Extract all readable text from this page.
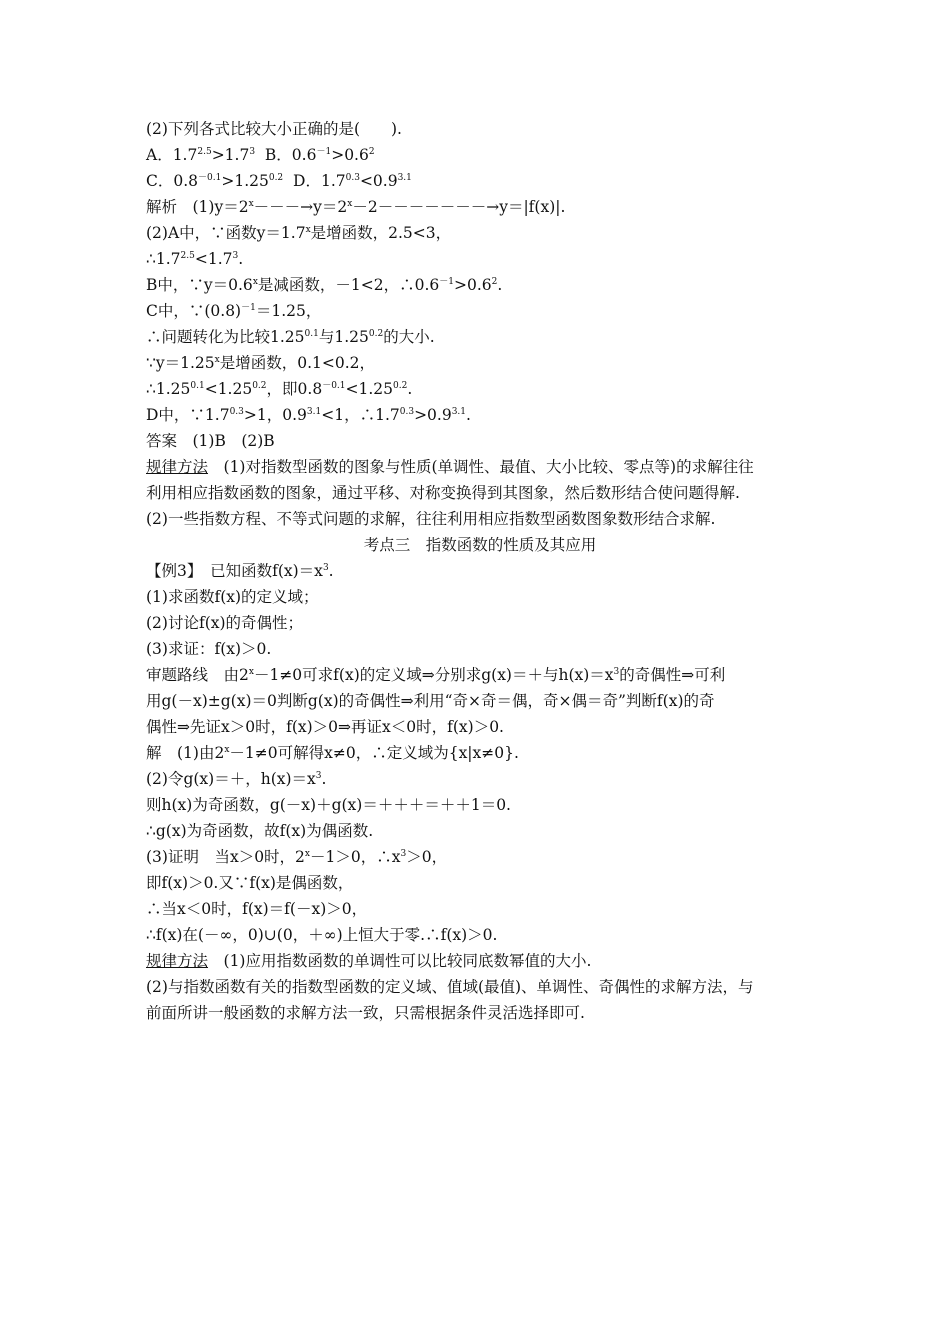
(2)下列各式比较大小正确的是(　　).
A．$1.7^{2.5}>1.7^3$  B．$0.6^{-1}>0.6^2$
C．$0.8^{-0.1}>1.25^{0.2}$  D．$1.7^{0.3}<0.9^{3.1}$
解析　$(1)y=2^x---\to y=2^x-2-------\to y=|f(x)|$.
(2)A中，∵函数$y=1.7^x$是增函数，2.5<3，
$\therefore 1.7^{2.5}<1.7^3$.
B中，$\because y=0.6^x$是减函数，－1<2，$\therefore 0.6^{-1}>0.6^2$.
C中，$\because(0.8)^{-1}=1.25$，
∴问题转化为比较$1.25^{0.1}$与$1.25^{0.2}$的大小.
$\because y=1.25^x$是增函数，0.1<0.2，
$\therefore 1.25^{0.1}<1.25^{0.2}$，即$0.8^{-0.1}<1.25^{0.2}$.
D中，$\because 1.7^{0.3}>1$，$0.9^{3.1}<1$，$\therefore 1.7^{0.3}>0.9^{3.1}$.
答案　(1)B　(2)B
规律方法　(1)对指数型函数的图象与性质(单调性、最值、大小比较、零点等)的求解往往
利用相应指数函数的图象，通过平移、对称变换得到其图象，然后数形结合使问题得解.
(2)一些指数方程、不等式问题的求解，往往利用相应指数型函数图象数形结合求解.
考点三　指数函数的性质及其应用
【例3】　已知函数$f(x)=x^3$.
(1)求函数f(x)的定义域；
(2)讨论f(x)的奇偶性；
(3)求证：f(x)＞0.
审题路线　由$2^x-1\ne 0$可求f(x)的定义域⇒分别求g(x)＝＋与$h(x)=x^3$的奇偶性⇒可利
用g(－x)±g(x)＝0判断g(x)的奇偶性⇒利用“奇×奇＝偶，奇×偶＝奇”判断f(x)的奇
偶性⇒先证x＞0时，f(x)＞0⇒再证x＜0时，f(x)＞0.
解　(1)由$2^x-1\ne 0$可解得x≠0，∴定义域为{x|x≠0}.
(2)令g(x)＝＋，$h(x)=x^3$.
则h(x)为奇函数，g(－x)＋g(x)＝＋＋＋＝＋＋1＝0.
∴g(x)为奇函数，故f(x)为偶函数.
(3)证明　当x＞0时，$2^x-1>0$，$\therefore x^3>0$，
即f(x)＞0.又∵f(x)是偶函数，
∴当x＜0时，f(x)＝f(－x)＞0，
∴f(x)在(－∞，0)∪(0，＋∞)上恒大于零.∴f(x)＞0.
规律方法　(1)应用指数函数的单调性可以比较同底数幂值的大小.
(2)与指数函数有关的指数型函数的定义域、值域(最值)、单调性、奇偶性的求解方法，与
前面所讲一般函数的求解方法一致，只需根据条件灵活选择即可.
